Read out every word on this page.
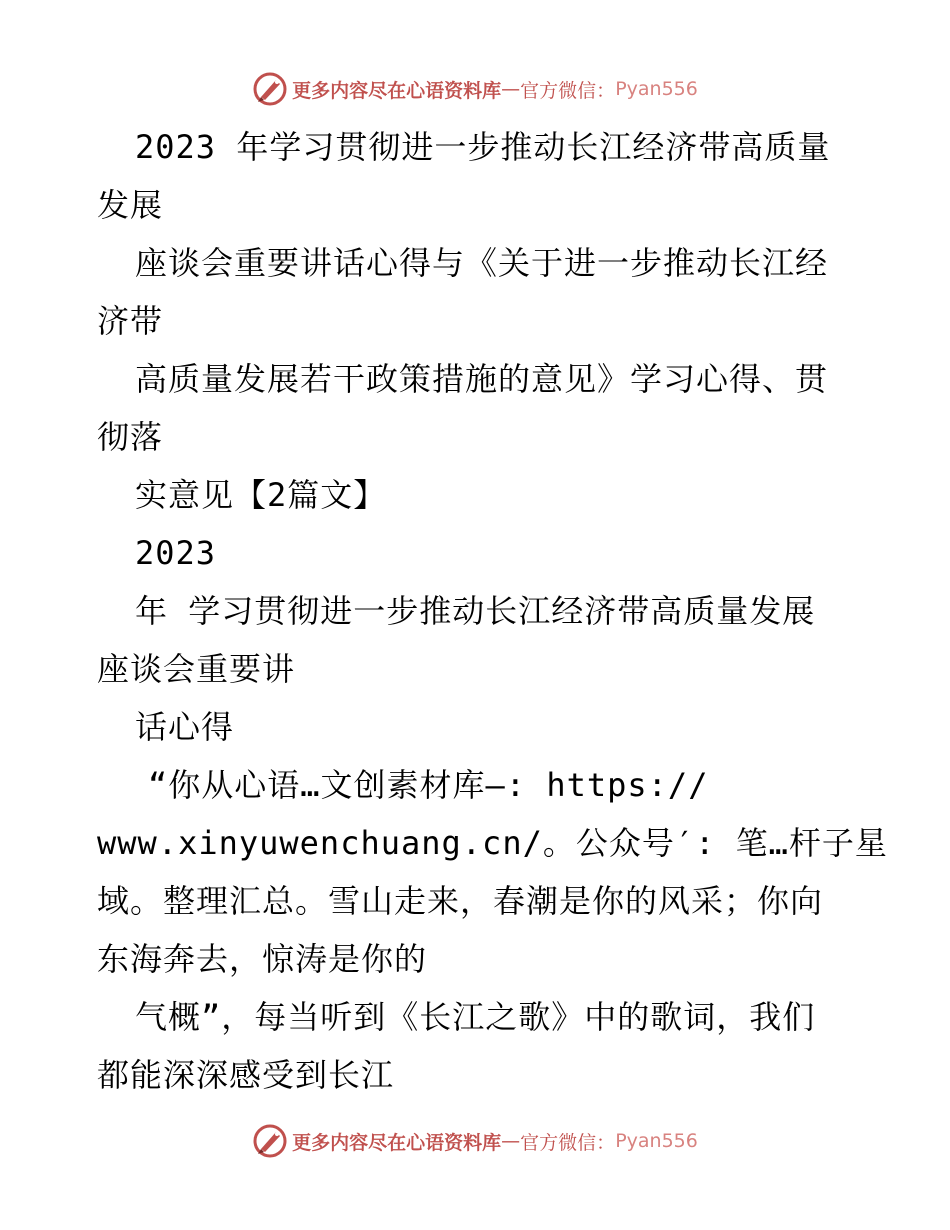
更多内容尽在心语资料库 — 官方微信： Pyan556
2023 年学习贯彻进一步推动长江经济带高质量
发展
座谈会重要讲话心得与《关于进一步推动长江经
济带
高质量发展若干政策措施的意见》学习心得、贯
彻落
实意见【2篇文】
2023
年 学习贯彻进一步推动长江经济带高质量发展
座谈会重要讲
话心得
“你从心语…文创素材库—: https://
www.xinyuwenchuang.cn/。公众号′: 笔…杆子星
域。整理汇总。雪山走来，春潮是你的风采；你向
东海奔去，惊涛是你的
气概”，每当听到《长江之歌》中的歌词，我们
都能深深感受到长江
更多内容尽在心语资料库 — 官方微信： Pyan556
